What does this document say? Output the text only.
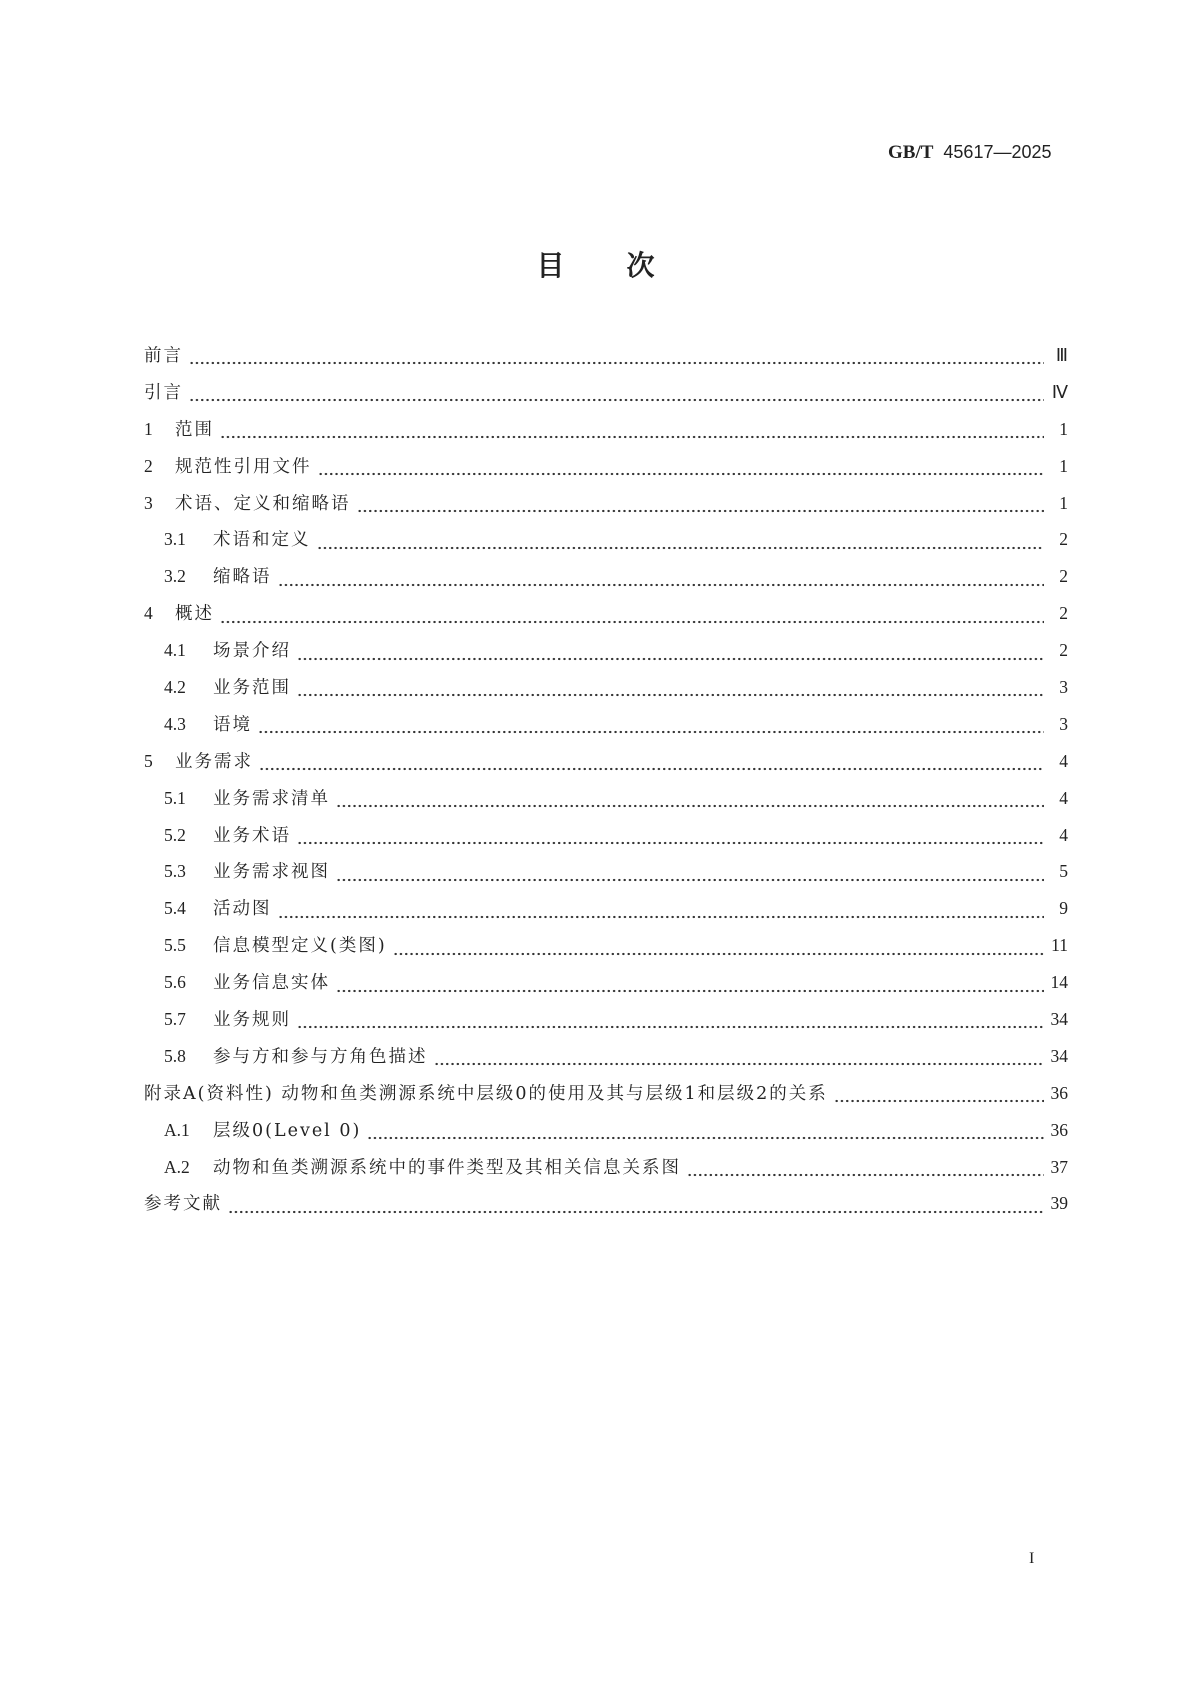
GB/T 45617—2025
目次
前言	Ⅲ
引言	Ⅳ
1	范围	1
2	规范性引用文件	1
3	术语、定义和缩略语	1
3.1	术语和定义	2
3.2	缩略语	2
4	概述	2
4.1	场景介绍	2
4.2	业务范围	3
4.3	语境	3
5	业务需求	4
5.1	业务需求清单	4
5.2	业务术语	4
5.3	业务需求视图	5
5.4	活动图	9
5.5	信息模型定义(类图)	11
5.6	业务信息实体	14
5.7	业务规则	34
5.8	参与方和参与方角色描述	34
附录A(资料性) 动物和鱼类溯源系统中层级0的使用及其与层级1和层级2的关系	36
A.1	层级0(Level 0)	36
A.2	动物和鱼类溯源系统中的事件类型及其相关信息关系图	37
参考文献	39
I
